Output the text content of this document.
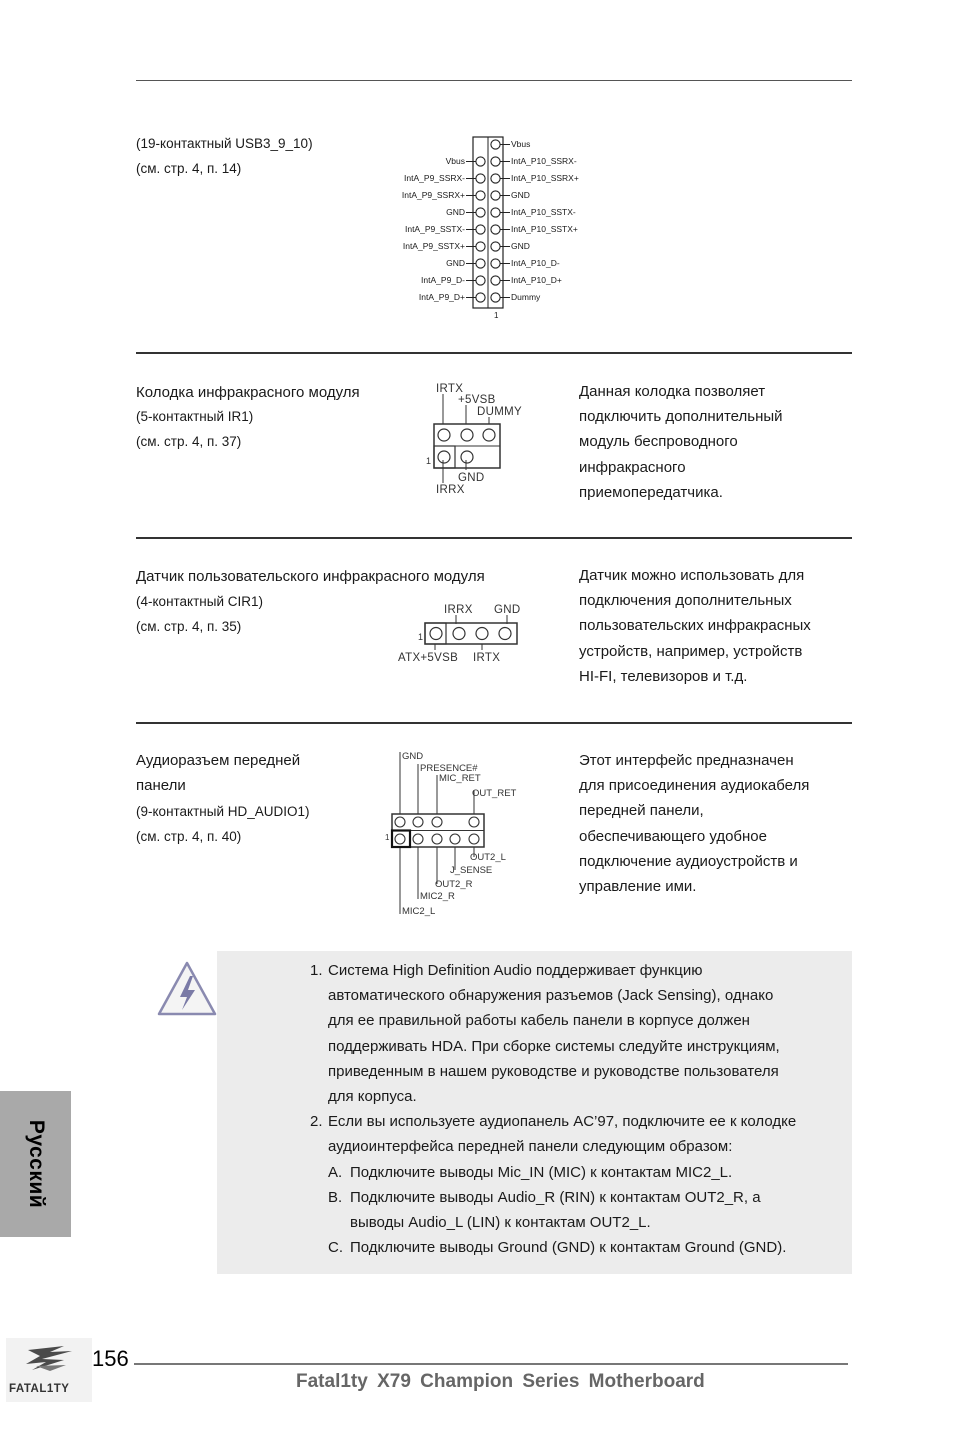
(19-контактный USB3_9_10)
(см. стр. 4, п. 14)	Vbus
IntA_P9_SSRX-
IntA_P9_SSRX+
GND
IntA_P9_SSTX-
IntA_P9_SSTX+
GND
IntA_P9_D-
IntA_P9_D+
Vbus
IntA_P10_SSRX-
IntA_P10_SSRX+
GND
IntA_P10_SSTX-
IntA_P10_SSTX+
GND
IntA_P10_D-
IntA_P10_D+
Dummy
1
Колодка инфракрасного модуля
(5-контактный IR1)
(см. стр. 4, п. 37)
IRTX
+5VSB
DUMMY
GND
IRRX
1
Данная колодка позволяет
подключить дополнительный
модуль беспроводного
инфракрасного
приемопередатчика.
Датчик пользовательского инфракрасного модуля
(4-контактный CIR1)
(см. стр. 4, п. 35)
IRRX GND
ATX+5VSB IRTX
1
Датчик можно использовать для
подключения дополнительных
пользовательских инфракрасных
устройств, например, устройств
HI-FI, телевизоров и т.д.
Аудиоразъем передней
панели
(9-контактный HD_AUDIO1)
(см. стр. 4, п. 40)
GND
PRESENCE#
MIC_RET
OUT_RET
OUT2_L
J_SENSE
OUT2_R
MIC2_R
MIC2_L
1
Этот интерфейс предназначен
для присоединения аудиокабеля
передней панели,
обеспечивающего удобное
подключение аудиоустройств и
управление ими.
1. Система High Definition Audio поддерживает функцию
автоматического обнаружения разъемов (Jack Sensing), однако
для ее правильной работы кабель панели в корпусе должен
поддерживать HDA. При сборке системы следуйте инструкциям,
приведенным в нашем руководстве и руководстве пользователя
для корпуса.
2. Если вы используете аудиопанель AC’97, подключите ее к колодке
аудиоинтерфейса передней панели следующим образом:
A. Подключите выводы Mic_IN (MIC) к контактам MIC2_L.
B. Подключите выводы Audio_R (RIN) к контактам OUT2_R, а
выводы Audio_L (LIN) к контактам OUT2_L.
C. Подключите выводы Ground (GND) к контактам Ground (GND).
Русский
FATAL1TY
156
Fatal1ty X79 Champion Series Motherboard
